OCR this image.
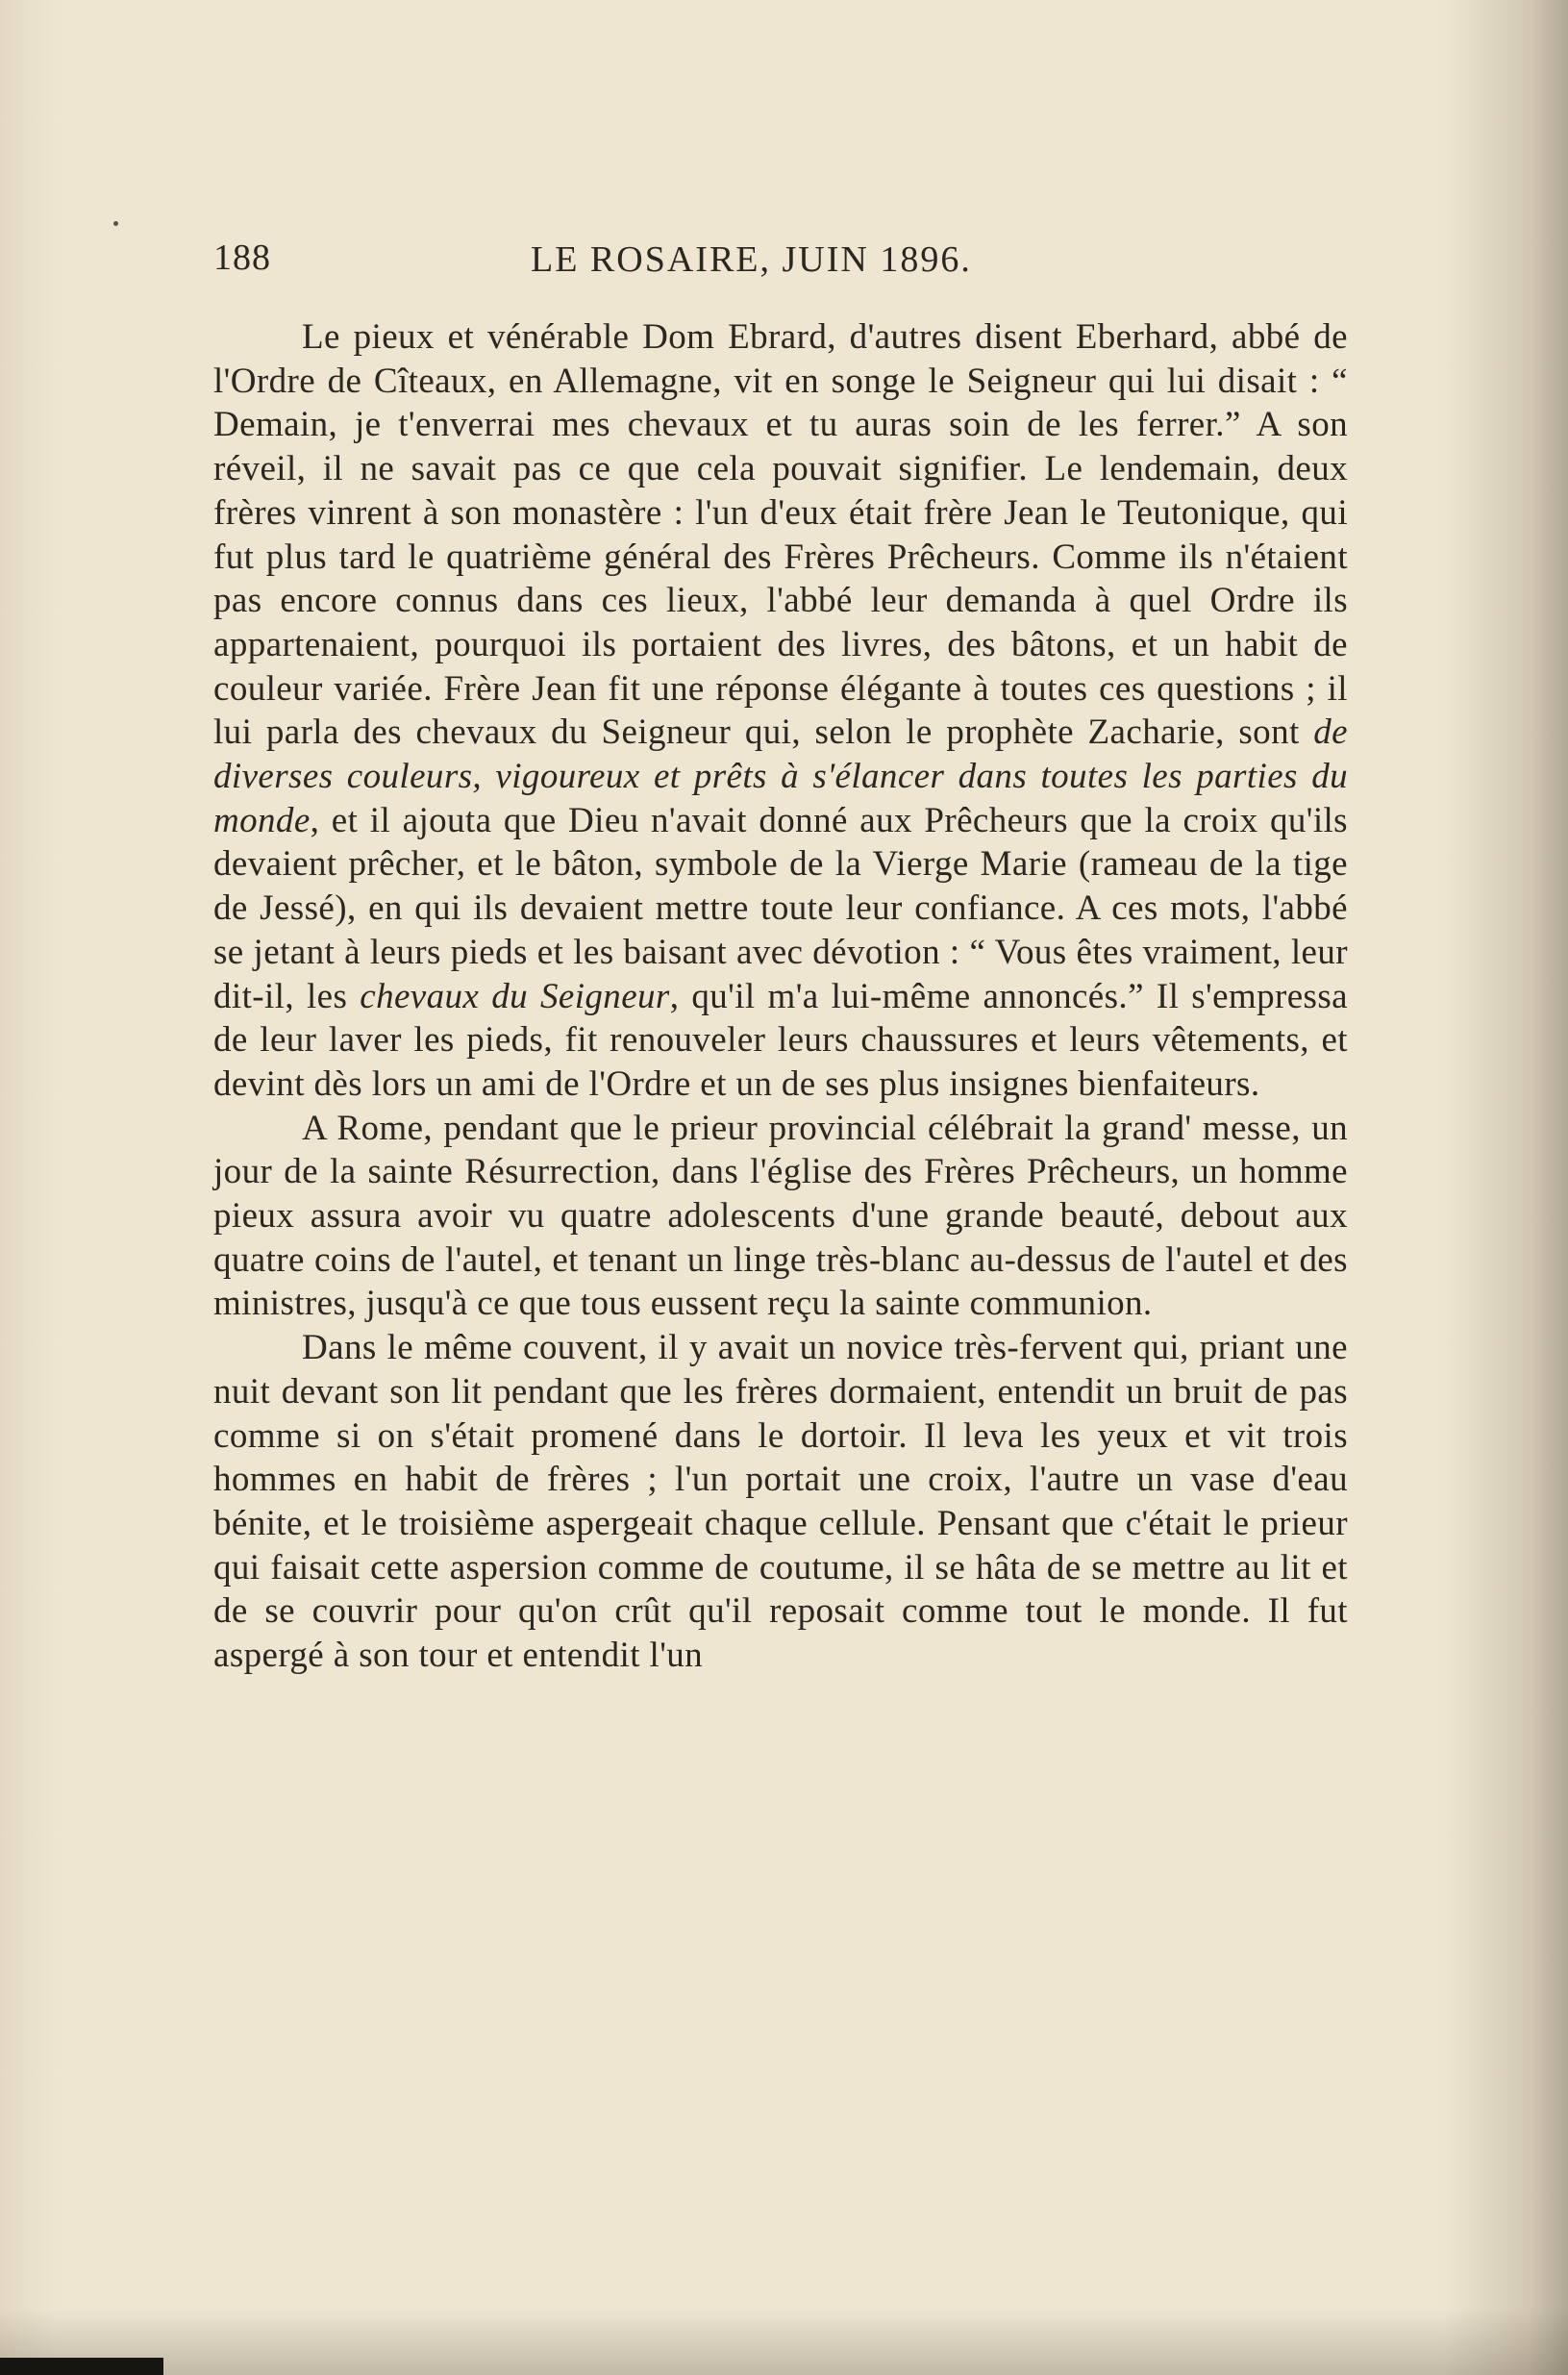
188	LE ROSAIRE, JUIN 1896.

Le pieux et vénérable Dom Ebrard, d'autres disent Eberhard, abbé de l'Ordre de Cîteaux, en Allemagne, vit en songe le Seigneur qui lui disait : “ Demain, je t'enverrai mes chevaux et tu auras soin de les ferrer.” A son réveil, il ne savait pas ce que cela pouvait signifier. Le lendemain, deux frères vinrent à son monastère : l'un d'eux était frère Jean le Teutonique, qui fut plus tard le quatrième général des Frères Prêcheurs. Comme ils n'étaient pas encore connus dans ces lieux, l'abbé leur demanda à quel Ordre ils appartenaient, pourquoi ils portaient des livres, des bâtons, et un habit de couleur variée. Frère Jean fit une réponse élégante à toutes ces questions ; il lui parla des chevaux du Seigneur qui, selon le prophète Zacharie, sont de diverses couleurs, vigoureux et prêts à s'élancer dans toutes les parties du monde, et il ajouta que Dieu n'avait donné aux Prêcheurs que la croix qu'ils devaient prêcher, et le bâton, symbole de la Vierge Marie (rameau de la tige de Jessé), en qui ils devaient mettre toute leur confiance. A ces mots, l'abbé se jetant à leurs pieds et les baisant avec dévotion : “ Vous êtes vraiment, leur dit-il, les chevaux du Seigneur, qu'il m'a lui-même annoncés.” Il s'empressa de leur laver les pieds, fit renouveler leurs chaussures et leurs vêtements, et devint dès lors un ami de l'Ordre et un de ses plus insignes bienfaiteurs.

A Rome, pendant que le prieur provincial célébrait la grand' messe, un jour de la sainte Résurrection, dans l'église des Frères Prêcheurs, un homme pieux assura avoir vu quatre adolescents d'une grande beauté, debout aux quatre coins de l'autel, et tenant un linge très-blanc au-dessus de l'autel et des ministres, jusqu'à ce que tous eussent reçu la sainte communion.

Dans le même couvent, il y avait un novice très-fervent qui, priant une nuit devant son lit pendant que les frères dormaient, entendit un bruit de pas comme si on s'était promené dans le dortoir. Il leva les yeux et vit trois hommes en habit de frères ; l'un portait une croix, l'autre un vase d'eau bénite, et le troisième aspergeait chaque cellule. Pensant que c'était le prieur qui faisait cette aspersion comme de coutume, il se hâta de se mettre au lit et de se couvrir pour qu'on crût qu'il reposait comme tout le monde. Il fut aspergé à son tour et entendit l'un
